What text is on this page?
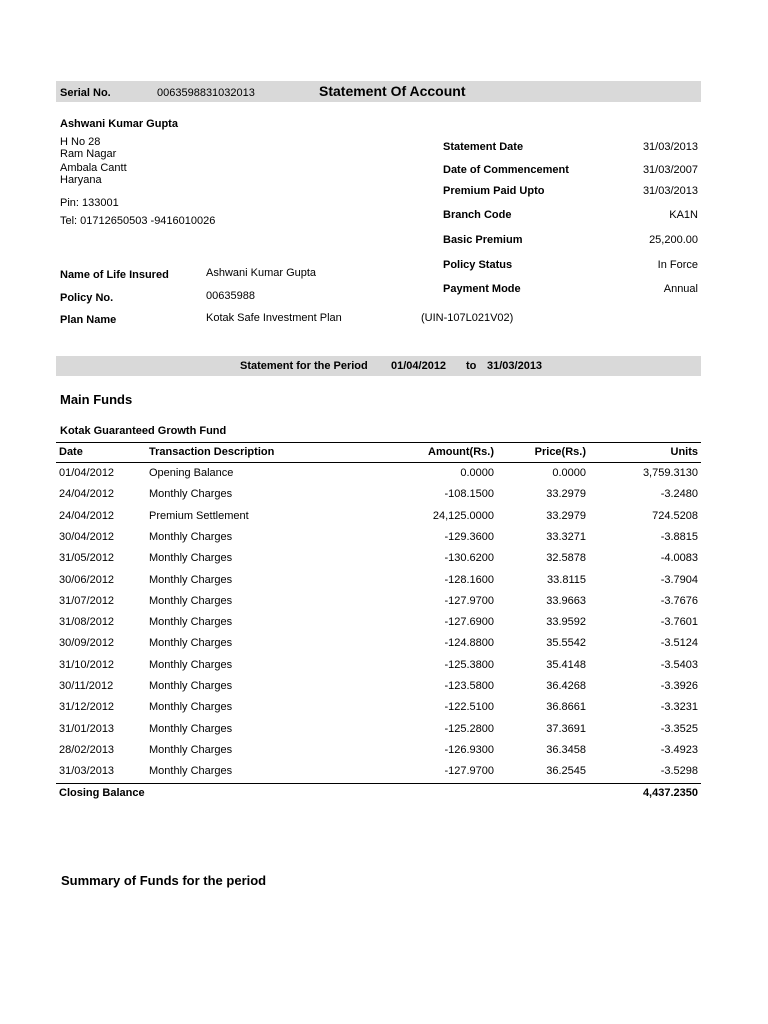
Serial No.	0063598831032013	Statement Of Account
Ashwani Kumar Gupta
H No 28
Ram Nagar
Ambala Cantt
Haryana
Pin: 133001
Tel: 01712650503 -9416010026
Statement Date	31/03/2013
Date of Commencement	31/03/2007
Premium Paid Upto	31/03/2013
Branch Code	KA1N
Basic Premium	25,200.00
Policy Status	In Force
Payment Mode	Annual
Name of Life Insured	Ashwani Kumar Gupta
Policy No.	00635988
Plan Name	Kotak Safe Investment Plan	(UIN-107L021V02)
Statement for the Period 01/04/2012 to 31/03/2013
Main Funds
Kotak Guaranteed Growth Fund
Date	Transaction Description	Amount(Rs.)	Price(Rs.)	Units
01/04/2012	Opening Balance	0.0000	0.0000	3,759.3130
24/04/2012	Monthly Charges	-108.1500	33.2979	-3.2480
24/04/2012	Premium Settlement	24,125.0000	33.2979	724.5208
30/04/2012	Monthly Charges	-129.3600	33.3271	-3.8815
31/05/2012	Monthly Charges	-130.6200	32.5878	-4.0083
30/06/2012	Monthly Charges	-128.1600	33.8115	-3.7904
31/07/2012	Monthly Charges	-127.9700	33.9663	-3.7676
31/08/2012	Monthly Charges	-127.6900	33.9592	-3.7601
30/09/2012	Monthly Charges	-124.8800	35.5542	-3.5124
31/10/2012	Monthly Charges	-125.3800	35.4148	-3.5403
30/11/2012	Monthly Charges	-123.5800	36.4268	-3.3926
31/12/2012	Monthly Charges	-122.5100	36.8661	-3.3231
31/01/2013	Monthly Charges	-125.2800	37.3691	-3.3525
28/02/2013	Monthly Charges	-126.9300	36.3458	-3.4923
31/03/2013	Monthly Charges	-127.9700	36.2545	-3.5298
Closing Balance	4,437.2350
Summary of Funds for the period
